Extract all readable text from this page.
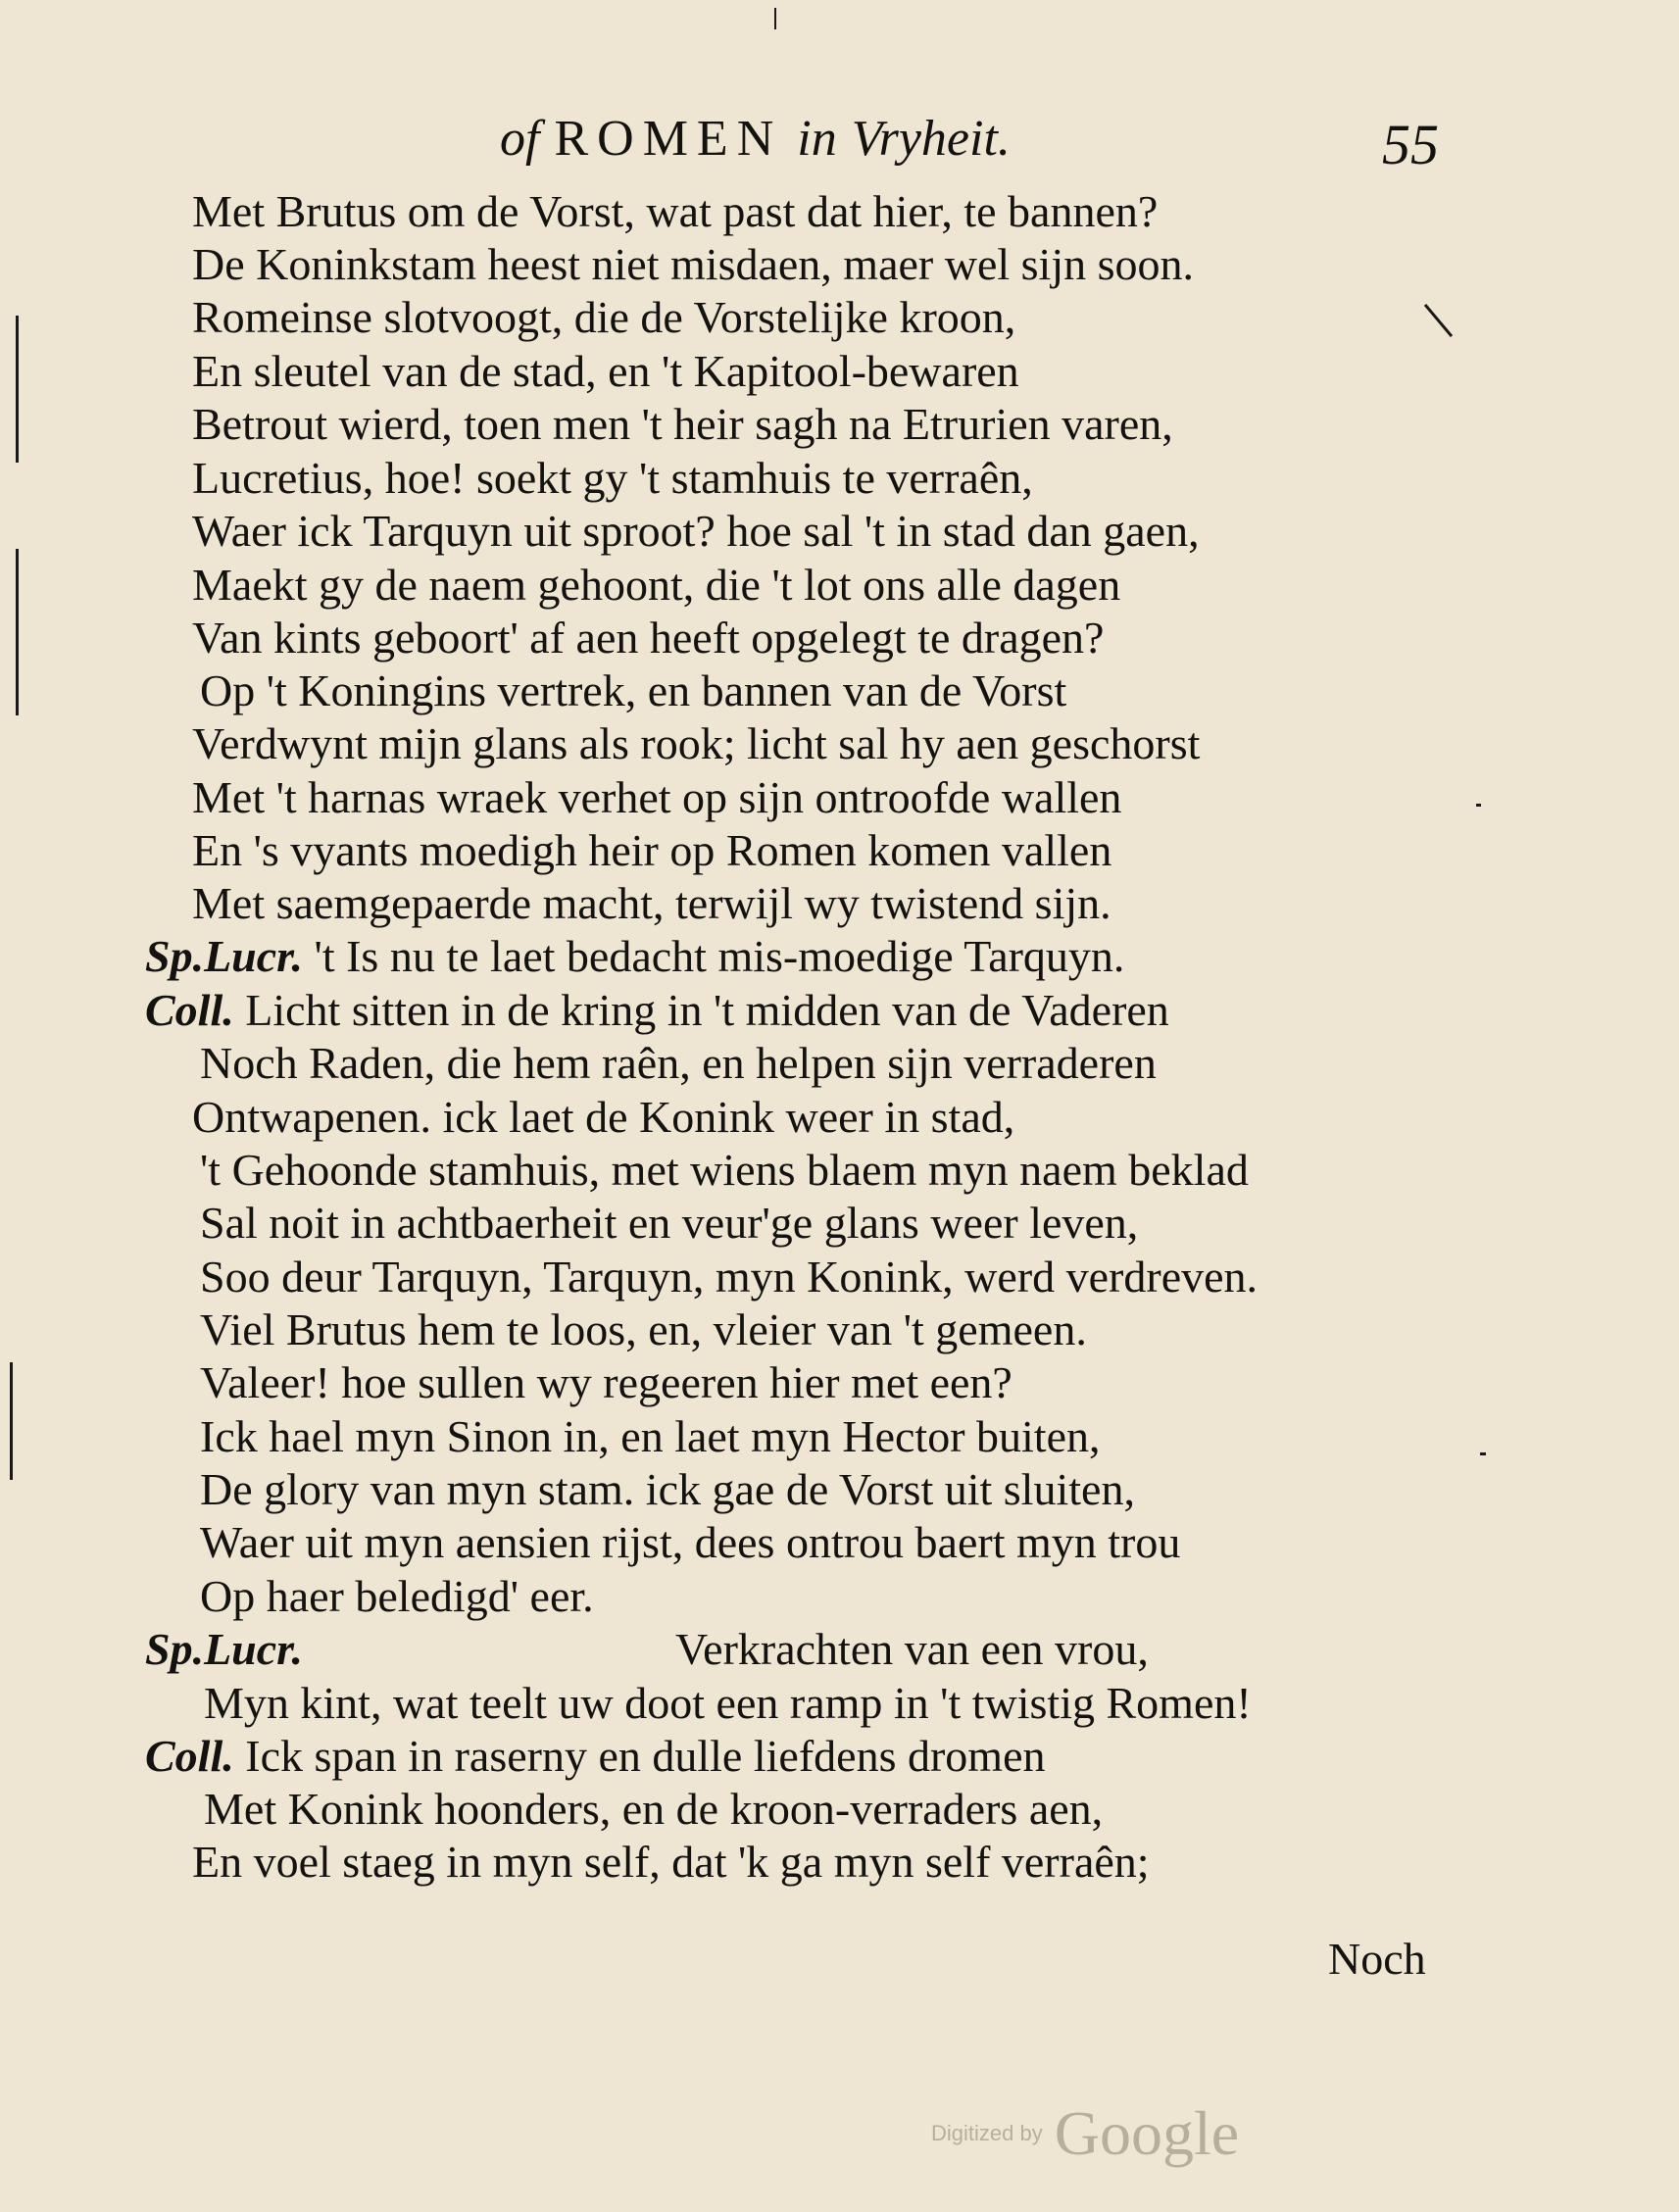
of ROMEN in Vryheit.	55
Met Brutus om de Vorst, wat past dat hier, te bannen?
De Koninkstam heest niet misdaen, maer wel sijn soon.
Romeinse slotvoogt, die de Vorstelijke kroon,
En sleutel van de stad, en 't Kapitool-bewaren
Betrout wierd, toen men 't heir sagh na Etrurien varen,
Lucretius, hoe! soekt gy 't stamhuis te verraên,
Waer ick Tarquyn uit sproot? hoe sal 't in stad dan gaen,
Maekt gy de naem gehoont, die 't lot ons alle dagen
Van kints geboort' af aen heeft opgelegt te dragen?
Op 't Koningins vertrek, en bannen van de Vorst
Verdwynt mijn glans als rook; licht sal hy aen geschorst
Met 't harnas wraek verhet op sijn ontroofde wallen
En 's vyants moedigh heir op Romen komen vallen
Met saemgepaerde macht, terwijl wy twistend sijn.
Sp.Lucr. 't Is nu te laet bedacht mis-moedige Tarquyn.
Coll. Licht sitten in de kring in 't midden van de Vaderen
Noch Raden, die hem raên, en helpen sijn verraderen
Ontwapenen. ick laet de Konink weer in stad,
't Gehoonde stamhuis, met wiens blaem myn naem beklad
Sal noit in achtbaerheit en veur'ge glans weer leven,
Soo deur Tarquyn, Tarquyn, myn Konink, werd verdreven.
Viel Brutus hem te loos, en, vleier van 't gemeen.
Valeer! hoe sullen wy regeeren hier met een?
Ick hael myn Sinon in, en laet myn Hector buiten,
De glory van myn stam. ick gae de Vorst uit sluiten,
Waer uit myn aensien rijst, dees ontrou baert myn trou
Op haer beledigd' eer.
Sp.Lucr.	Verkrachten van een vrou,
Myn kint, wat teelt uw doot een ramp in 't twistig Romen!
Coll. Ick span in raserny en dulle liefdens dromen
Met Konink hoonders, en de kroon-verraders aen,
En voel staeg in myn self, dat 'k ga myn self verraên;
Noch
Digitized by Google
